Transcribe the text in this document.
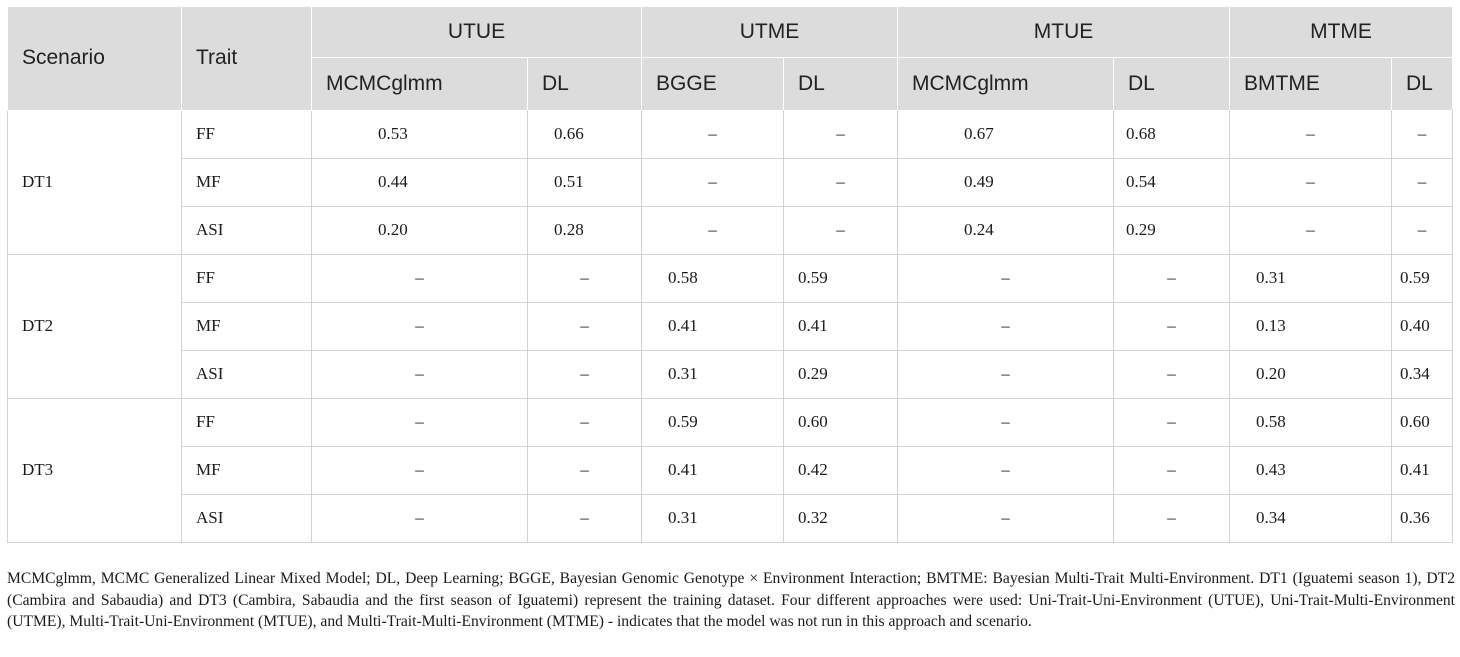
Scenario	Trait	UTUE		UTME		MTUE		MTME	
		MCMCglmm	DL	BGGE	DL	MCMCglmm	DL	BMTME	DL
DT1	FF	0.53	0.66	–	–	0.67	0.68	–	–
	MF	0.44	0.51	–	–	0.49	0.54	–	–
	ASI	0.20	0.28	–	–	0.24	0.29	–	–
DT2	FF	–	–	0.58	0.59	–	–	0.31	0.59
	MF	–	–	0.41	0.41	–	–	0.13	0.40
	ASI	–	–	0.31	0.29	–	–	0.20	0.34
DT3	FF	–	–	0.59	0.60	–	–	0.58	0.60
	MF	–	–	0.41	0.42	–	–	0.43	0.41
	ASI	–	–	0.31	0.32	–	–	0.34	0.36
MCMCglmm, MCMC Generalized Linear Mixed Model; DL, Deep Learning; BGGE, Bayesian Genomic Genotype × Environment Interaction; BMTME: Bayesian Multi-Trait Multi-Environment. DT1 (Iguatemi season 1), DT2 (Cambira and Sabaudia) and DT3 (Cambira, Sabaudia and the first season of Iguatemi) represent the training dataset. Four different approaches were used: Uni-Trait-Uni-Environment (UTUE), Uni-Trait-Multi-Environment (UTME), Multi-Trait-Uni-Environment (MTUE), and Multi-Trait-Multi-Environment (MTME) - indicates that the model was not run in this approach and scenario.
